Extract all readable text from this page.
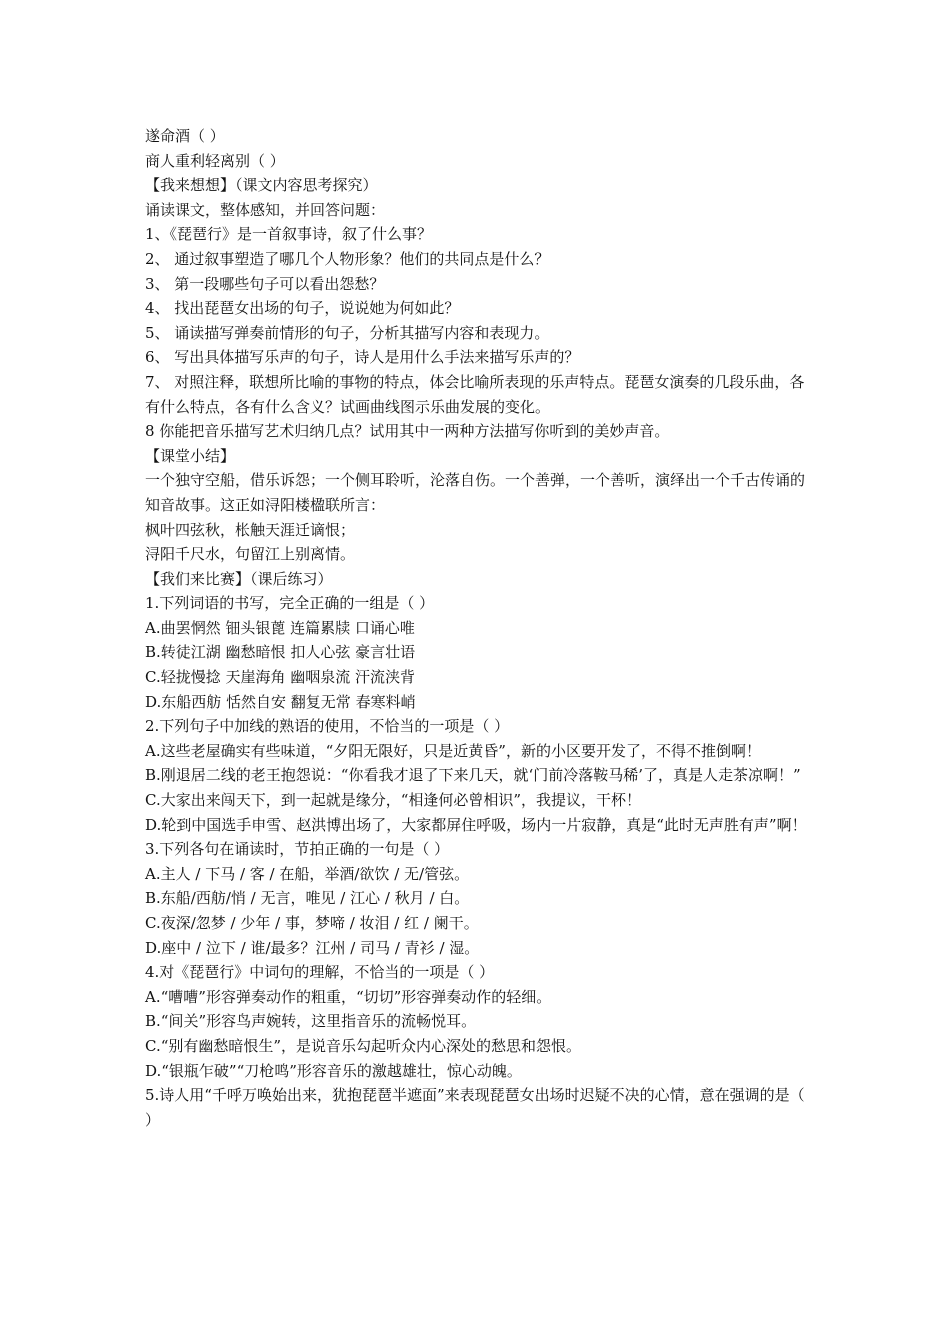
遂命酒（ ）
商人重利轻离别（ ）
【我来想想】（课文内容思考探究）
诵读课文，整体感知，并回答问题：
1、《琵琶行》是一首叙事诗，叙了什么事？
2、 通过叙事塑造了哪几个人物形象？他们的共同点是什么？
3、 第一段哪些句子可以看出怨愁？
4、 找出琵琶女出场的句子，说说她为何如此？
5、 诵读描写弹奏前情形的句子，分析其描写内容和表现力。
6、 写出具体描写乐声的句子，诗人是用什么手法来描写乐声的？
7、 对照注释，联想所比喻的事物的特点，体会比喻所表现的乐声特点。琵琶女演奏的几段乐曲，各有什么特点，各有什么含义？试画曲线图示乐曲发展的变化。
8 你能把音乐描写艺术归纳几点？试用其中一两种方法描写你听到的美妙声音。
【课堂小结】
一个独守空船，借乐诉怨；一个侧耳聆听，沦落自伤。一个善弹，一个善听，演绎出一个千古传诵的知音故事。这正如浔阳楼楹联所言：
枫叶四弦秋，枨触天涯迁谪恨；
浔阳千尺水，句留江上别离情。
【我们来比赛】（课后练习）
1.下列词语的书写，完全正确的一组是（ ）
A.曲罢惘然 钿头银蓖 连篇累牍 口诵心唯
B.转徒江湖 幽愁暗恨 扣人心弦 豪言壮语
C.轻拢慢捻 天崖海角 幽咽泉流 汗流浃背
D.东船西舫 恬然自安 翻复无常 春寒料峭
2.下列句子中加线的熟语的使用，不恰当的一项是（ ）
A.这些老屋确实有些味道，“夕阳无限好，只是近黄昏”，新的小区要开发了，不得不推倒啊！
B.刚退居二线的老王抱怨说：“你看我才退了下来几天，就‘门前冷落鞍马稀’了，真是人走茶凉啊！”
C.大家出来闯天下，到一起就是缘分，“相逢何必曾相识”，我提议，干杯！
D.轮到中国选手申雪、赵洪博出场了，大家都屏住呼吸，场内一片寂静，真是“此时无声胜有声”啊！
3.下列各句在诵读时，节拍正确的一句是（ ）
A.主人 / 下马 / 客 / 在船，举酒/欲饮 / 无/管弦。
B.东船/西舫/悄 / 无言，唯见 / 江心 / 秋月 / 白。
C.夜深/忽梦 / 少年 / 事，梦啼 / 妆泪 / 红 / 阑干。
D.座中 / 泣下 / 谁/最多？江州 / 司马 / 青衫 / 湿。
4.对《琵琶行》中词句的理解，不恰当的一项是（ ）
A.“嘈嘈”形容弹奏动作的粗重，“切切”形容弹奏动作的轻细。
B.“间关”形容鸟声婉转，这里指音乐的流畅悦耳。
C.“别有幽愁暗恨生”，是说音乐勾起听众内心深处的愁思和怨恨。
D.“银瓶乍破”“刀枪鸣”形容音乐的激越雄壮，惊心动魄。
5.诗人用“千呼万唤始出来，犹抱琵琶半遮面”来表现琵琶女出场时迟疑不决的心情，意在强调的是（ ）
